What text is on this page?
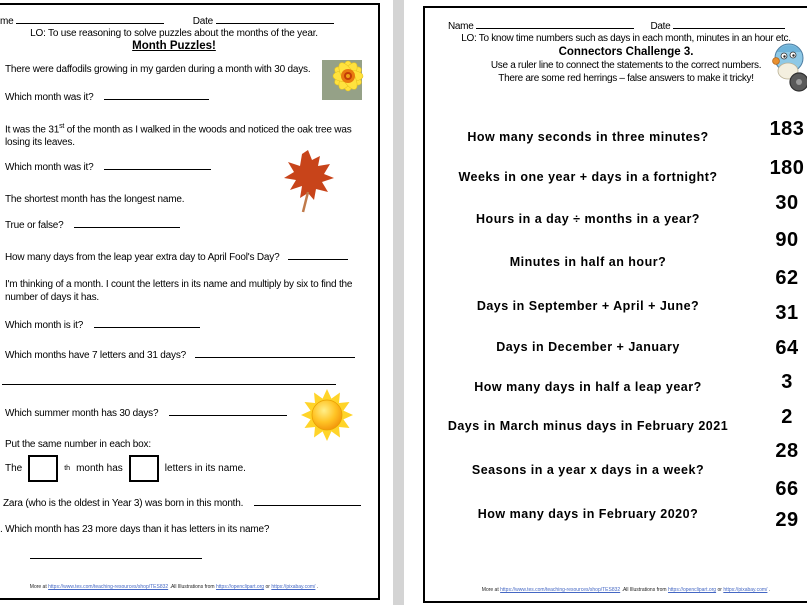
me	Date
LO: To use reasoning to solve puzzles about the months of the year.
Month Puzzles!
There were daffodils growing in my garden during a month with 30 days.
Which month was it?
It was the 31st of the month as I walked in the woods and noticed the oak tree was losing its leaves.
Which month was it?
The shortest month has the longest name.
True or false?
How many days from the leap year extra day to April Fool's Day?
I'm thinking of a month. I count the letters in its name and multiply by six to find the number of days it has.
Which month is it?
Which months have 7 letters and 31 days?
Which summer month has 30 days?
Put the same number in each box:
The	th month has	letters in its name.
Zara (who is the oldest in Year 3) was born in this month.
. Which month has 23 more days than it has letters in its name?
More at https://www.tes.com/teaching-resources/shop/TES832 .All Illustrations from https://openclipart.org or https://pixabay.com/ .
Name	Date
LO: To know time numbers such as days in each month, minutes in an hour etc.
Connectors Challenge 3.
Use a ruler line to connect the statements to the correct numbers.
There are some red herrings – false answers to make it tricky!
How many seconds in three minutes?
Weeks in one year + days in a fortnight?
Hours in a day ÷ months in a year?
Minutes in half an hour?
Days in September + April + June?
Days in December + January
How many days in half a leap year?
Days in March minus days in February 2021
Seasons in a year x days in a week?
How many days in February 2020?
183
180
30
90
62
31
64
3
2
28
66
29
More at https://www.tes.com/teaching-resources/shop/TES832 .All Illustrations from https://openclipart.org or https://pixabay.com/ .
